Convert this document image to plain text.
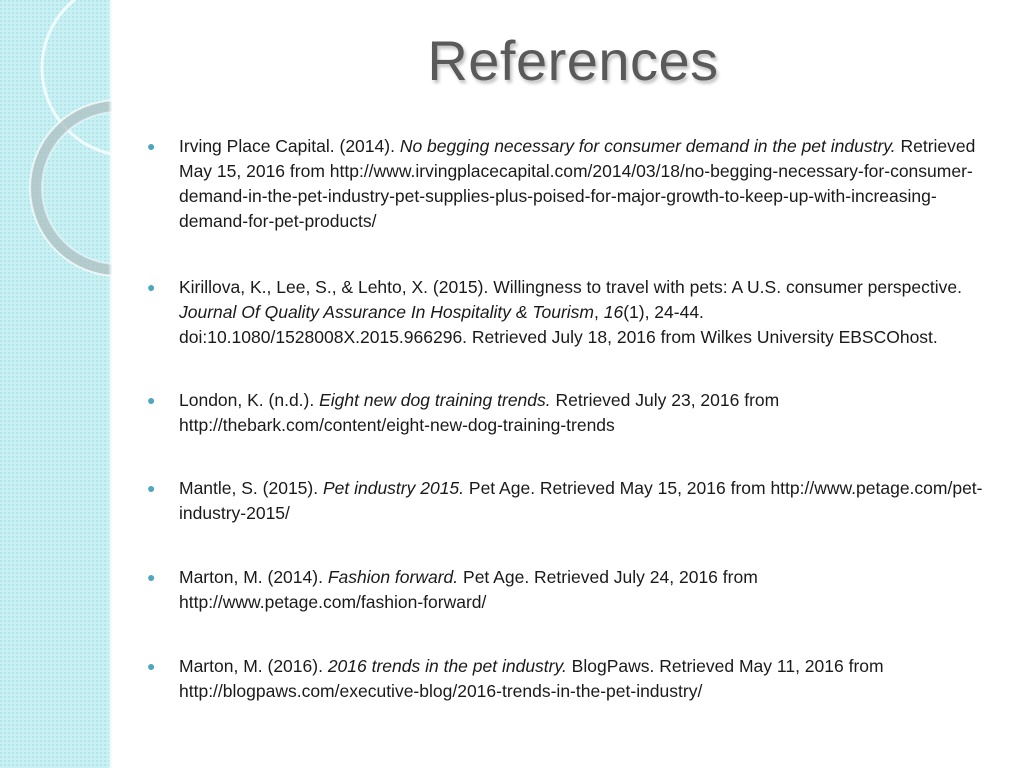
References
● Irving Place Capital. (2014). No begging necessary for consumer demand in the pet industry. Retrieved May 15, 2016 from http://www.irvingplacecapital.com/2014/03/18/no-begging-necessary-for-consumer-demand-in-the-pet-industry-pet-supplies-plus-poised-for-major-growth-to-keep-up-with-increasing-demand-for-pet-products/
● Kirillova, K., Lee, S., & Lehto, X. (2015). Willingness to travel with pets: A U.S. consumer perspective. Journal Of Quality Assurance In Hospitality & Tourism, 16(1), 24-44. doi:10.1080/1528008X.2015.966296. Retrieved July 18, 2016 from Wilkes University EBSCOhost.
● London, K. (n.d.). Eight new dog training trends. Retrieved July 23, 2016 from http://thebark.com/content/eight-new-dog-training-trends
● Mantle, S. (2015). Pet industry 2015. Pet Age. Retrieved May 15, 2016 from http://www.petage.com/pet-industry-2015/
● Marton, M. (2014). Fashion forward. Pet Age. Retrieved July 24, 2016 from http://www.petage.com/fashion-forward/
● Marton, M. (2016). 2016 trends in the pet industry. BlogPaws. Retrieved May 11, 2016 from http://blogpaws.com/executive-blog/2016-trends-in-the-pet-industry/
